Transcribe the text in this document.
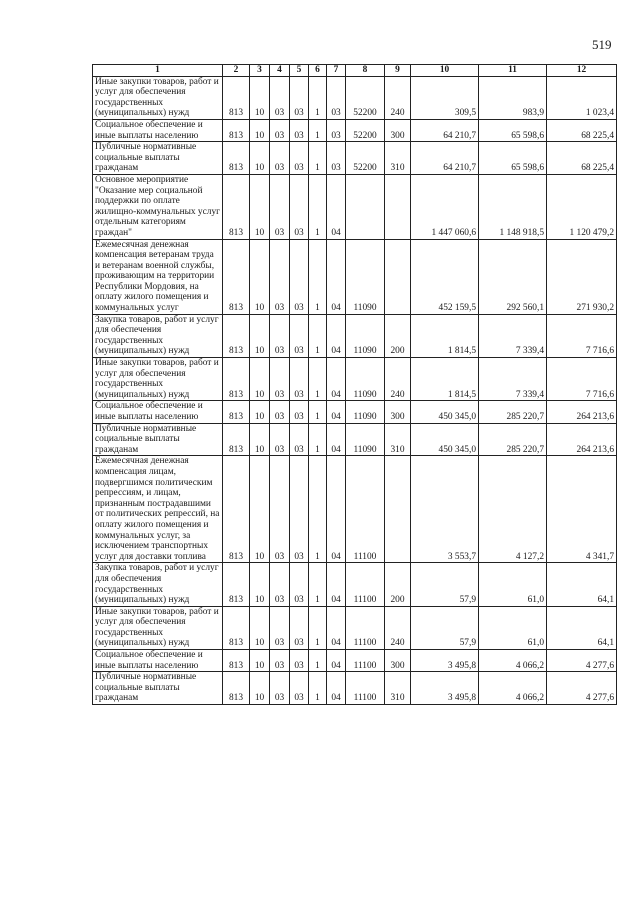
519
1	2	3	4	5	6	7	8	9	10	11	12
Иные закупки товаров, работ и услуг для обеспечения государственных (муниципальных) нужд	813	10	03	03	1	03	52200	240	309,5	983,9	1 023,4
Социальное обеспечение и иные выплаты населению	813	10	03	03	1	03	52200	300	64 210,7	65 598,6	68 225,4
Публичные нормативные социальные выплаты гражданам	813	10	03	03	1	03	52200	310	64 210,7	65 598,6	68 225,4
Основное мероприятие "Оказание мер социальной поддержки по оплате жилищно-коммунальных услуг отдельным категориям граждан"	813	10	03	03	1	04			1 447 060,6	1 148 918,5	1 120 479,2
Ежемесячная денежная компенсация ветеранам труда и ветеранам военной службы, проживающим на территории Республики Мордовия, на оплату жилого помещения и коммунальных услуг	813	10	03	03	1	04	11090		452 159,5	292 560,1	271 930,2
Закупка товаров, работ и услуг для обеспечения государственных (муниципальных) нужд	813	10	03	03	1	04	11090	200	1 814,5	7 339,4	7 716,6
Иные закупки товаров, работ и услуг для обеспечения государственных (муниципальных) нужд	813	10	03	03	1	04	11090	240	1 814,5	7 339,4	7 716,6
Социальное обеспечение и иные выплаты населению	813	10	03	03	1	04	11090	300	450 345,0	285 220,7	264 213,6
Публичные нормативные социальные выплаты гражданам	813	10	03	03	1	04	11090	310	450 345,0	285 220,7	264 213,6
Ежемесячная денежная компенсация лицам, подвергшимся политическим репрессиям, и лицам, признанным пострадавшими от политических репрессий, на оплату жилого помещения и коммунальных услуг, за исключением транспортных услуг для доставки топлива	813	10	03	03	1	04	11100		3 553,7	4 127,2	4 341,7
Закупка товаров, работ и услуг для обеспечения государственных (муниципальных) нужд	813	10	03	03	1	04	11100	200	57,9	61,0	64,1
Иные закупки товаров, работ и услуг для обеспечения государственных (муниципальных) нужд	813	10	03	03	1	04	11100	240	57,9	61,0	64,1
Социальное обеспечение и иные выплаты населению	813	10	03	03	1	04	11100	300	3 495,8	4 066,2	4 277,6
Публичные нормативные социальные выплаты гражданам	813	10	03	03	1	04	11100	310	3 495,8	4 066,2	4 277,6
